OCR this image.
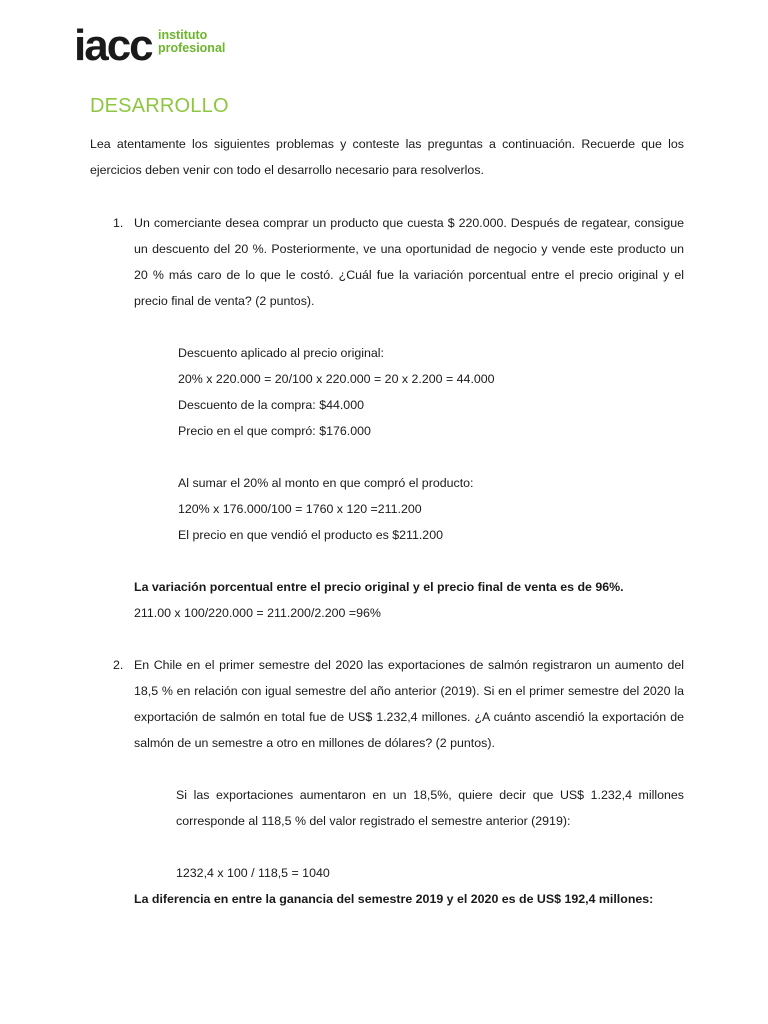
iacc instituto
profesional
DESARROLLO

Lea atentamente los siguientes problemas y conteste las preguntas a continuación. Recuerde que los ejercicios deben venir con todo el desarrollo necesario para resolverlos.

1. Un comerciante desea comprar un producto que cuesta $ 220.000. Después de regatear, consigue un descuento del 20 %. Posteriormente, ve una oportunidad de negocio y vende este producto un 20 % más caro de lo que le costó. ¿Cuál fue la variación porcentual entre el precio original y el precio final de venta? (2 puntos).

Descuento aplicado al precio original:
20% x 220.000 = 20/100 x 220.000 = 20 x 2.200 = 44.000
Descuento de la compra: $44.000
Precio en el que compró: $176.000
Al sumar el 20% al monto en que compró el producto:
120% x 176.000/100 = 1760 x 120 =211.200
El precio en que vendió el producto es $211.200
La variación porcentual entre el precio original y el precio final de venta es de 96%.
211.00 x 100/220.000 = 211.200/2.200 =96%
2. En Chile en el primer semestre del 2020 las exportaciones de salmón registraron un aumento del 18,5 % en relación con igual semestre del año anterior (2019). Si en el primer semestre del 2020 la exportación de salmón en total fue de US$ 1.232,4 millones. ¿A cuánto ascendió la exportación de salmón de un semestre a otro en millones de dólares? (2 puntos).

Si las exportaciones aumentaron en un 18,5%, quiere decir que US$ 1.232,4 millones corresponde al 118,5 % del valor registrado el semestre anterior (2919):

1232,4 x 100 / 118,5 = 1040
La diferencia en entre la ganancia del semestre 2019 y el 2020 es de US$ 192,4 millones:
